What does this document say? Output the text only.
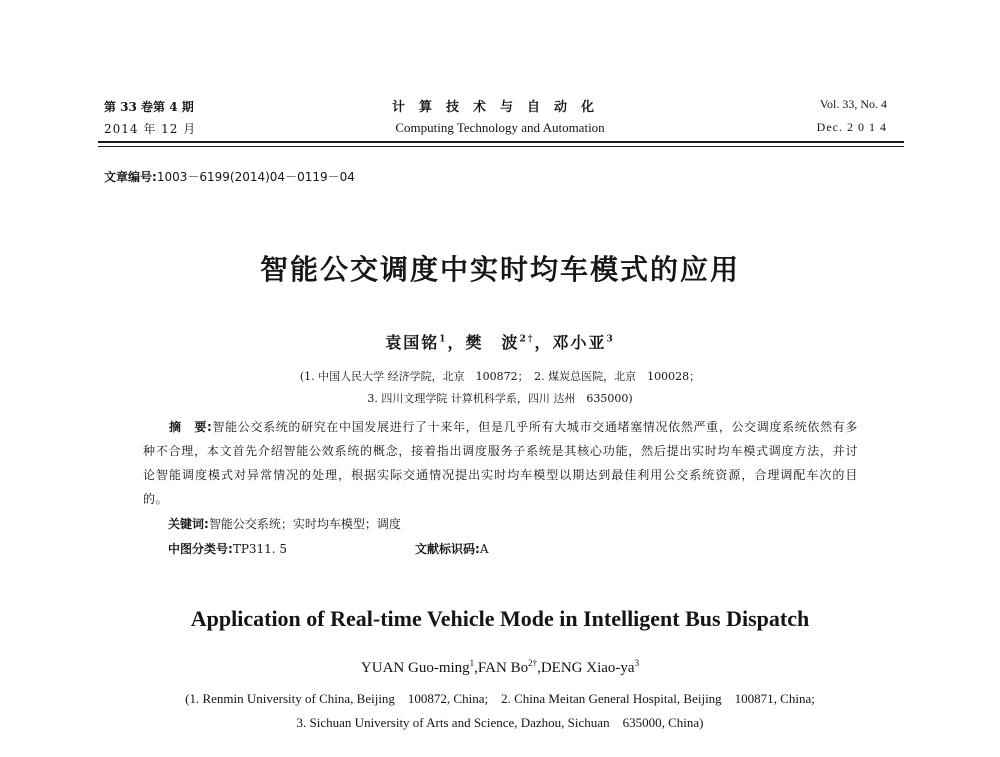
第 33 卷第 4 期
2014 年 12 月
计算技术与自动化
Computing Technology and Automation
Vol. 33, No. 4
Dec. 2 0 1 4
文章编号:1003－6199(2014)04－0119－04
智能公交调度中实时均车模式的应用
袁国铭$^1$，樊　波$^{2\dagger}$，邓小亚$^3$
(1. 中国人民大学 经济学院，北京　100872；　2. 煤炭总医院，北京　100028；
3. 四川文理学院 计算机科学系，四川 达州　635000)
摘　要:智能公交系统的研究在中国发展进行了十来年，但是几乎所有大城市交通堵塞情况依然严重，公交调度系统依然有多种不合理，本文首先介绍智能公效系统的概念，接着指出调度服务子系统是其核心功能，然后提出实时均车模式调度方法，并讨论智能调度模式对异常情况的处理，根据实际交通情况提出实时均车模型以期达到最佳利用公交系统资源，合理调配车次的目的。
关键词:智能公交系统；实时均车模型；调度
中图分类号:TP311. 5	文献标识码:A
Application of Real-time Vehicle Mode in Intelligent Bus Dispatch
YUAN Guo-ming$^1$,FAN $Bo^{2\dagger},DENG$ Xiao-$ya^3$
(1. Renmin University of China, Beijing　100872, China;　2. China Meitan General Hospital, Beijing　100871, China;
3. Sichuan University of Arts and Science, Dazhou, Sichuan　635000, China)
